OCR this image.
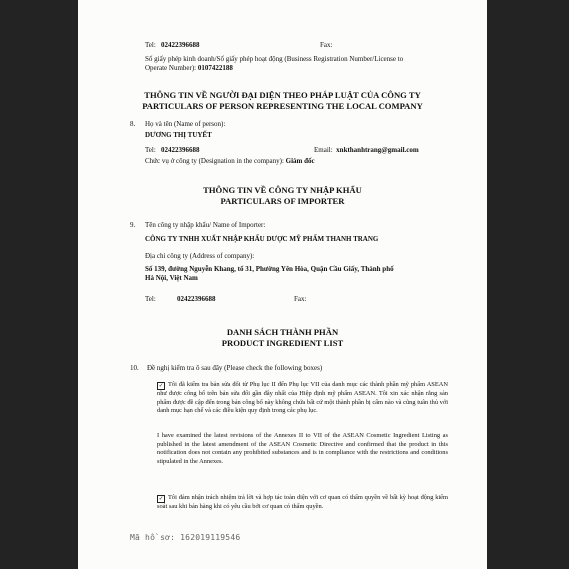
Tel: 02422396688	Fax:
Số giấy phép kinh doanh/Số giấy phép hoạt động (Business Registration Number/License to
Operate Number): 0107422188
THÔNG TIN VỀ NGƯỜI ĐẠI DIỆN THEO PHÁP LUẬT CỦA CÔNG TY
PARTICULARS OF PERSON REPRESENTING THE LOCAL COMPANY
8. Họ và tên (Name of person):
DƯƠNG THỊ TUYẾT
Tel: 02422396688	Email: xnkthanhtrang@gmail.com
Chức vụ ở công ty (Designation in the company): Giám đốc
THÔNG TIN VỀ CÔNG TY NHẬP KHẨU
PARTICULARS OF IMPORTER
9. Tên công ty nhập khẩu/ Name of Importer:
CÔNG TY TNHH XUẤT NHẬP KHẨU DƯỢC MỸ PHẨM THANH TRANG
Địa chỉ công ty (Address of company):
Số 139, đường Nguyễn Khang, tổ 31, Phường Yên Hòa, Quận Cầu Giấy, Thành phố
Hà Nội, Việt Nam
Tel:	02422396688	Fax:
DANH SÁCH THÀNH PHẦN
PRODUCT INGREDIENT LIST
10. Đề nghị kiểm tra ô sau đây (Please check the following boxes)
✓ Tôi đã kiểm tra bản sửa đổi từ Phụ lục II đến Phụ lục VII của danh mục các thành phần mỹ phẩm ASEAN như được công bố trên bản sửa đổi gần đây nhất của Hiệp định mỹ phẩm ASEAN. Tôi xin xác nhận rằng sản phẩm được đề cập đến trong bản công bố này không chứa bất cứ một thành phần bị cấm nào và cũng tuân thủ với danh mục hạn chế và các điều kiện quy định trong các phụ lục.
I have examined the latest revisions of the Annexes II to VII of the ASEAN Cosmetic Ingredient Listing as published in the latest amendment of the ASEAN Cosmetic Directive and confirmed that the product in this notification does not contain any prohibited substances and is in compliance with the restrictions and conditions stipulated in the Annexes.
✓ Tôi đảm nhận trách nhiệm trả lời và hợp tác toàn diện với cơ quan có thẩm quyền về bất kỳ hoạt động kiểm soát sau khi bán hàng khi có yêu cầu bởi cơ quan có thẩm quyền.
Mã hồ sơ: 162019119546
